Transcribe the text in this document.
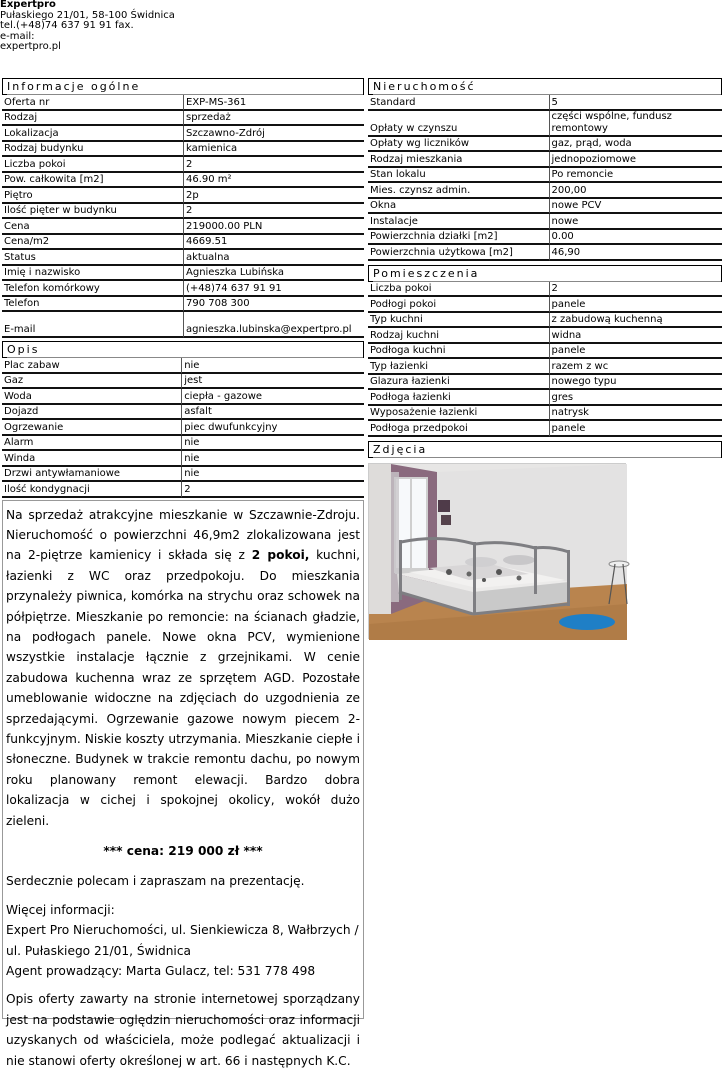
Expertpro
Pułaskiego 21/01, 58-100 Świdnica
tel.(+48)74 637 91 91 fax.
e-mail:
expertpro.pl
Informacje ogólne
Oferta nr	EXP-MS-361
Rodzaj	sprzedaż
Lokalizacja	Szczawno-Zdrój
Rodzaj budynku	kamienica
Liczba pokoi	2
Pow. całkowita [m2]	46.90 m²
Piętro	2p
Ilość pięter w budynku	2
Cena	219000.00 PLN
Cena/m2	4669.51
Status	aktualna
Imię i nazwisko	Agnieszka Lubińska
Telefon komórkowy	(+48)74 637 91 91
Telefon	790 708 300
E-mail	agnieszka.lubinska@expertpro.pl
Opis
Plac zabaw	nie
Gaz	jest
Woda	ciepła - gazowe
Dojazd	asfalt
Ogrzewanie	piec dwufunkcyjny
Alarm	nie
Winda	nie
Drzwi antywłamaniowe	nie
Ilość kondygnacji	2

Na sprzedaż atrakcyjne mieszkanie w Szczawnie-Zdroju. Nieruchomość o powierzchni 46,9m2 zlokalizowana jest na 2-piętrze kamienicy i składa się z 2 pokoi, kuchni, łazienki z WC oraz przedpokoju. Do mieszkania przynależy piwnica, komórka na strychu oraz schowek na półpiętrze. Mieszkanie po remoncie: na ścianach gładzie, na podłogach panele. Nowe okna PCV, wymienione wszystkie instalacje łącznie z grzejnikami. W cenie zabudowa kuchenna wraz ze sprzętem AGD. Pozostałe umeblowanie widoczne na zdjęciach do uzgodnienia ze sprzedającymi. Ogrzewanie gazowe nowym piecem 2-funkcyjnym. Niskie koszty utrzymania. Mieszkanie ciepłe i słoneczne. Budynek w trakcie remontu dachu, po nowym roku planowany remont elewacji. Bardzo dobra lokalizacja w cichej i spokojnej okolicy, wokół dużo zieleni.

*** cena: 219 000 zł ***

Serdecznie polecam i zapraszam na prezentację.

Więcej informacji:

Expert Pro Nieruchomości, ul. Sienkiewicza 8, Wałbrzych / ul. Pułaskiego 21/01, Świdnica

Agent prowadzący: Marta Gulacz, tel: 531 778 498

Opis oferty zawarty na stronie internetowej sporządzany jest na podstawie oględzin nieruchomości oraz informacji uzyskanych od właściciela, może podlegać aktualizacji i nie stanowi oferty określonej w art. 66 i następnych K.C.

Nieruchomość
Standard	5
Opłaty w czynszu	części wspólne, fundusz remontowy
Opłaty wg liczników	gaz, prąd, woda
Rodzaj mieszkania	jednopoziomowe
Stan lokalu	Po remoncie
Mies. czynsz admin.	200,00
Okna	nowe PCV
Instalacje	nowe
Powierzchnia działki [m2]	0.00
Powierzchnia użytkowa [m2]	46,90
Pomieszczenia
Liczba pokoi	2
Podłogi pokoi	panele
Typ kuchni	z zabudową kuchenną
Rodzaj kuchni	widna
Podłoga kuchni	panele
Typ łazienki	razem z wc
Glazura łazienki	nowego typu
Podłoga łazienki	gres
Wyposażenie łazienki	natrysk
Podłoga przedpokoi	panele
Zdjęcia
